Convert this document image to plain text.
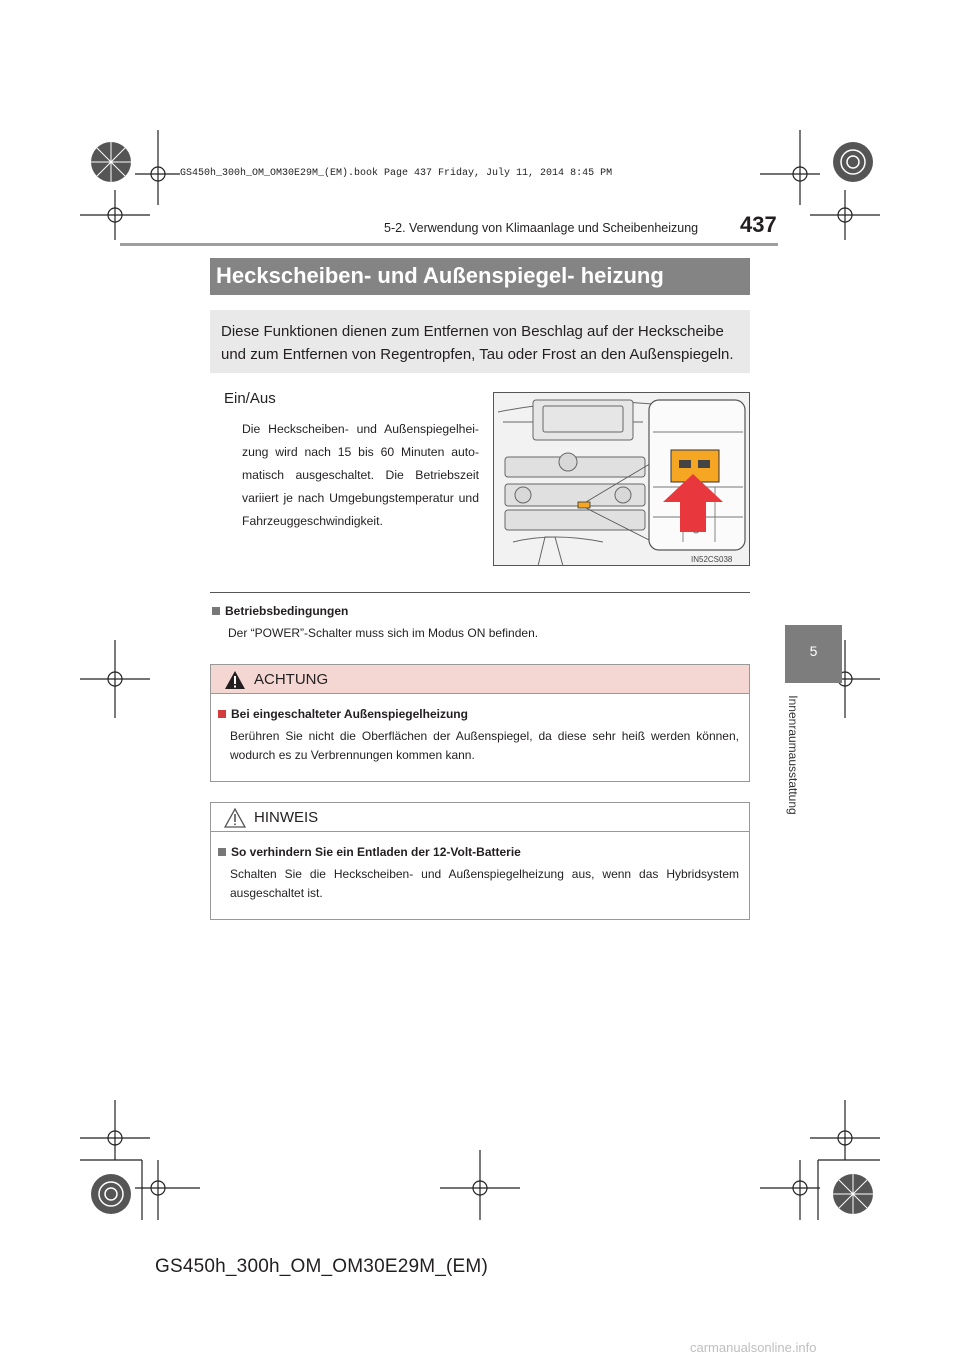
GS450h_300h_OM_OM30E29M_(EM).book Page 437 Friday, July 11, 2014 8:45 PM
5-2. Verwendung von Klimaanlage und Scheibenheizung 437
5
Innenraumausstattung
Heckscheiben- und Außenspiegel- heizung
Diese Funktionen dienen zum Entfernen von Beschlag auf der Heckscheibe
und zum Entfernen von Regentropfen, Tau oder Frost an den Außenspiegeln.
Ein/Aus
Die Heckscheiben- und Außenspiegelhei-zung wird nach 15 bis 60 Minuten auto-matisch ausgeschaltet. Die Betriebszeit variiert je nach Umgebungstemperatur und Fahrzeuggeschwindigkeit.
IN52CS038
Betriebsbedingungen
Der “POWER”-Schalter muss sich im Modus ON befinden.
ACHTUNG
Bei eingeschalteter Außenspiegelheizung
Berühren Sie nicht die Oberflächen der Außenspiegel, da diese sehr heiß werden können, wodurch es zu Verbrennungen kommen kann.
HINWEIS
So verhindern Sie ein Entladen der 12-Volt-Batterie
Schalten Sie die Heckscheiben- und Außenspiegelheizung aus, wenn das Hybridsystem ausgeschaltet ist.
GS450h_300h_OM_OM30E29M_(EM)
carmanualsonline.info
